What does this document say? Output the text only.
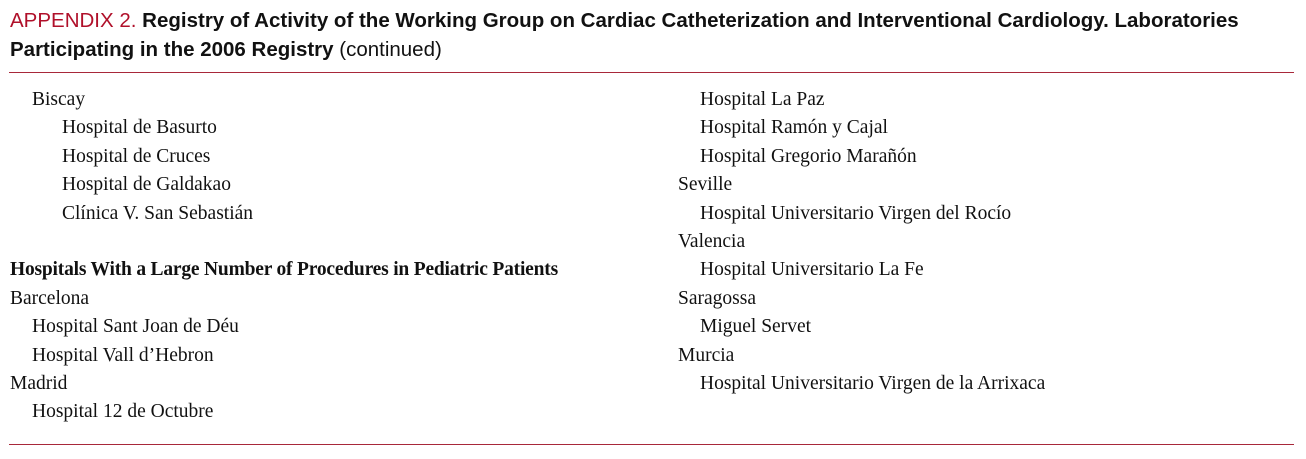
APPENDIX 2. Registry of Activity of the Working Group on Cardiac Catheterization and Interventional Cardiology. Laboratories Participating in the 2006 Registry (continued)
Biscay
Hospital de Basurto
Hospital de Cruces
Hospital de Galdakao
Clínica V. San Sebastián
Hospitals With a Large Number of Procedures in Pediatric Patients
Barcelona
Hospital Sant Joan de Déu
Hospital Vall d’Hebron
Madrid
Hospital 12 de Octubre
Hospital La Paz
Hospital Ramón y Cajal
Hospital Gregorio Marañón
Seville
Hospital Universitario Virgen del Rocío
Valencia
Hospital Universitario La Fe
Saragossa
Miguel Servet
Murcia
Hospital Universitario Virgen de la Arrixaca
